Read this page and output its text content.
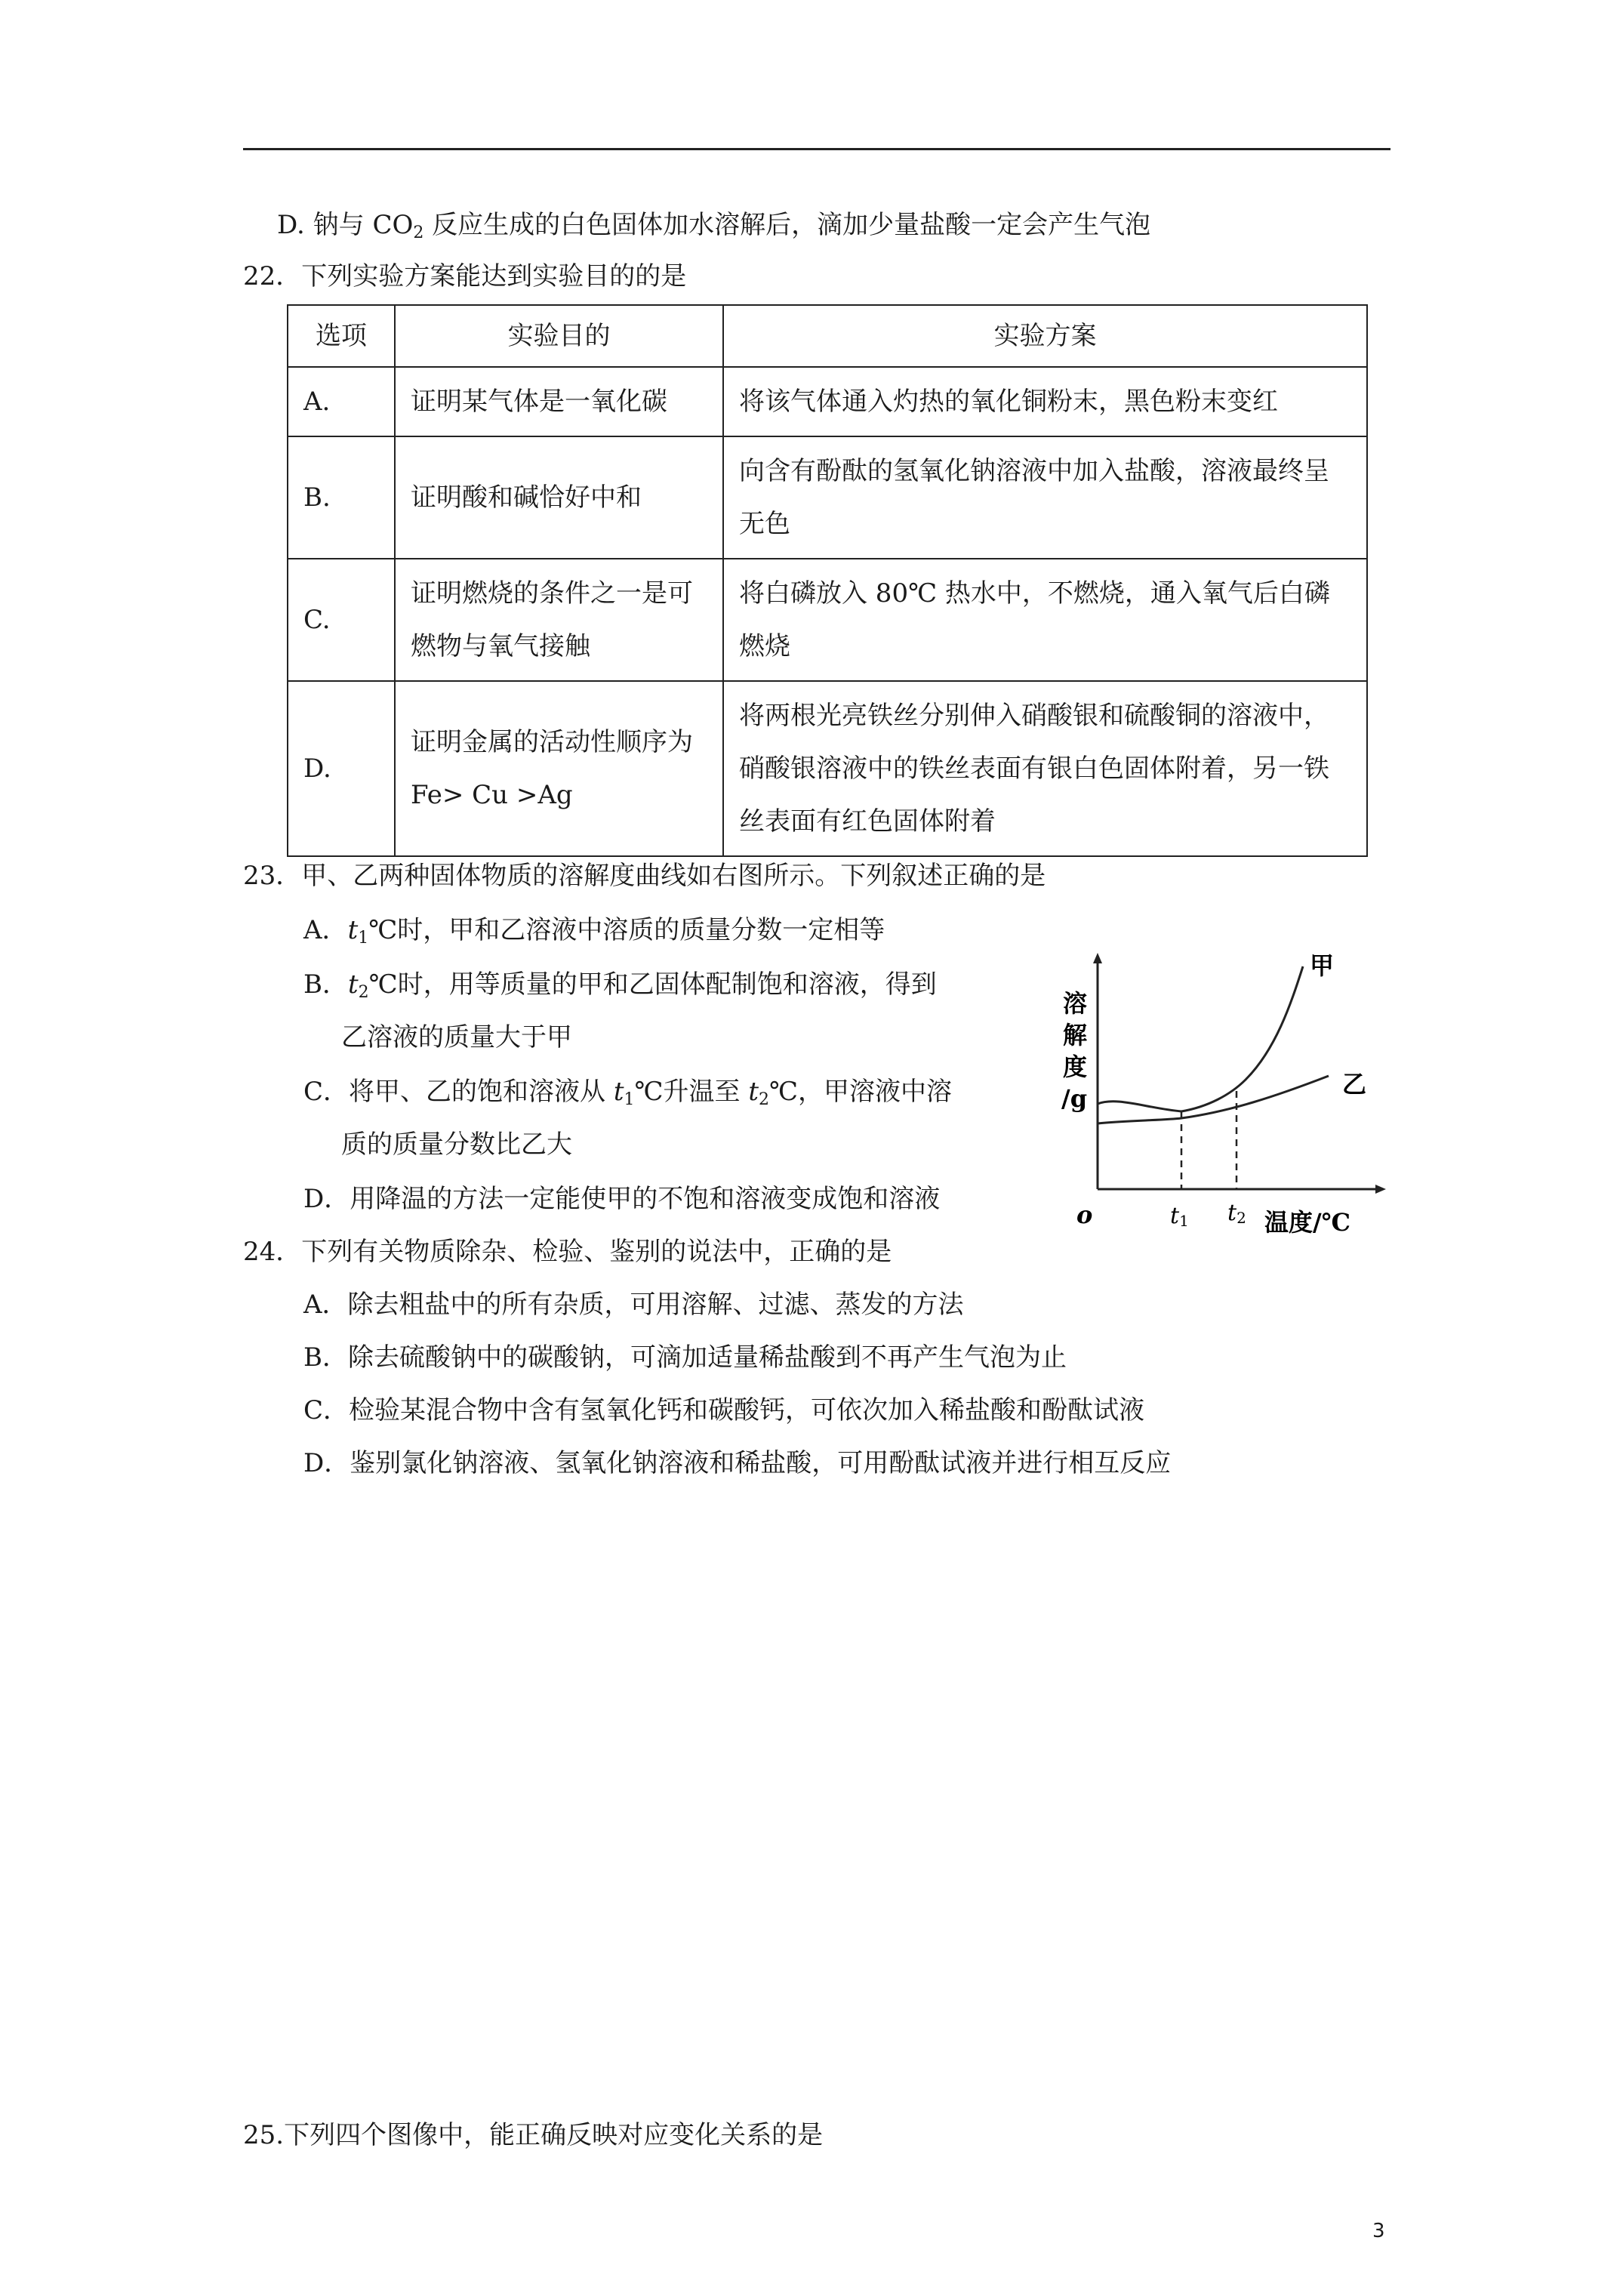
D. 钠与 $CO_2$ 反应生成的白色固体加水溶解后，滴加少量盐酸一定会产生气泡
22．下列实验方案能达到实验目的的是
选项	实验目的	实验方案
A.	证明某气体是一氧化碳	将该气体通入灼热的氧化铜粉末，黑色粉末变红
B.	证明酸和碱恰好中和	向含有酚酞的氢氧化钠溶液中加入盐酸，溶液最终呈无色
C.	证明燃烧的条件之一是可燃物与氧气接触	将白磷放入 80℃ 热水中，不燃烧，通入氧气后白磷燃烧
D.	证明金属的活动性顺序为Fe> Cu >Ag	将两根光亮铁丝分别伸入硝酸银和硫酸铜的溶液中，硝酸银溶液中的铁丝表面有银白色固体附着，另一铁丝表面有红色固体附着
23．甲、乙两种固体物质的溶解度曲线如右图所示。下列叙述正确的是
A．$t_1℃$时，甲和乙溶液中溶质的质量分数一定相等
B．$t_2℃$时，用等质量的甲和乙固体配制饱和溶液，得到
乙溶液的质量大于甲
C．将甲、乙的饱和溶液从 $t_1℃$升温至 $t_2℃$，甲溶液中溶
质的质量分数比乙大
D．用降温的方法一定能使甲的不饱和溶液变成饱和溶液
溶
解
度
/g
o	t1 t2 温度/℃
甲
乙
24．下列有关物质除杂、检验、鉴别的说法中，正确的是
A．除去粗盐中的所有杂质，可用溶解、过滤、蒸发的方法
B．除去硫酸钠中的碳酸钠，可滴加适量稀盐酸到不再产生气泡为止
C．检验某混合物中含有氢氧化钙和碳酸钙，可依次加入稀盐酸和酚酞试液
D．鉴别氯化钠溶液、氢氧化钠溶液和稀盐酸，可用酚酞试液并进行相互反应
25.下列四个图像中，能正确反映对应变化关系的是
3
